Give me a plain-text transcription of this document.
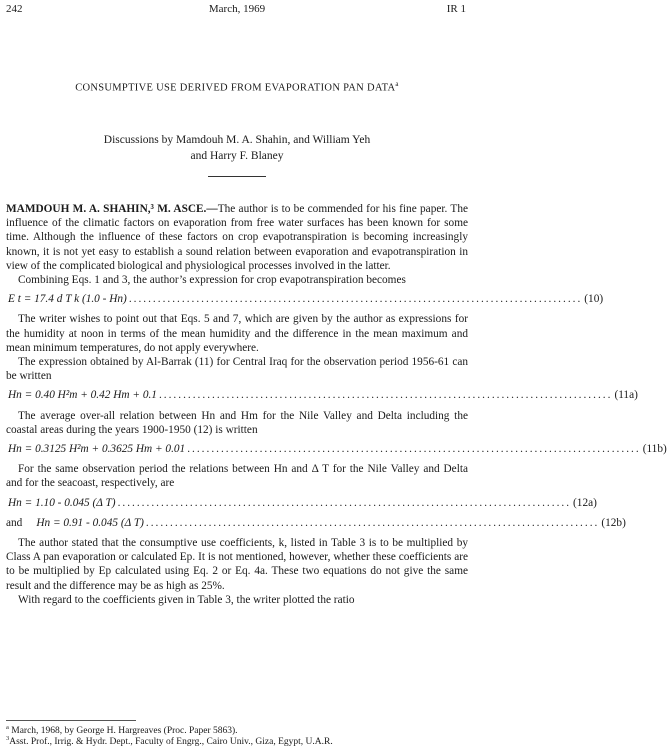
242	March, 1969	IR 1
CONSUMPTIVE USE DERIVED FROM EVAPORATION PAN DATA$^a$
Discussions by Mamdouh M. A. Shahin, and William Yeh
and Harry F. Blaney

MAMDOUH M. A. SHAHIN,³ M. ASCE.—The author is to be commended for his fine paper. The influence of the climatic factors on evaporation from free water surfaces has been known for some time. Although the influence of these factors on crop evapotranspiration is becoming increasingly known, it is not yet easy to establish a sound relation between evaporation and evapotranspiration in view of the complicated biological and physiological processes involved in the latter.

Combining Eqs. 1 and 3, the author’s expression for crop evapotranspiration becomes

E t = 17.4 d T k (1.0 - Hn) .............................................................................................. (10)

The writer wishes to point out that Eqs. 5 and 7, which are given by the author as expressions for the humidity at noon in terms of the mean humidity and the difference in the mean maximum and mean minimum temperatures, do not apply everywhere.

The expression obtained by Al-Barrak (11) for Central Iraq for the observation period 1956-61 can be written

Hn = 0.40 H²m + 0.42 Hm + 0.1 .............................................................................................. (11a)

The average over-all relation between Hn and Hm for the Nile Valley and Delta including the coastal areas during the years 1900-1950 (12) is written

Hn = 0.3125 H²m + 0.3625 Hm + 0.01 .............................................................................................. (11b)

For the same observation period the relations between Hn and Δ T for the Nile Valley and Delta and for the seacoast, respectively, are

Hn = 1.10 - 0.045 (Δ T) .............................................................................................. (12a)
and	Hn = 0.91 - 0.045 (Δ T) .............................................................................................. (12b)

The author stated that the consumptive use coefficients, k, listed in Table 3 is to be multiplied by Class A pan evaporation or calculated Ep. It is not mentioned, however, whether these coefficients are to be multiplied by Ep calculated using Eq. 2 or Eq. 4a. These two equations do not give the same result and the difference may be as high as 25%.

With regard to the coefficients given in Table 3, the writer plotted the ratio

$^a$ March, 1968, by George H. Hargreaves (Proc. Paper 5863).
$^3$Asst. Prof., Irrig. & Hydr. Dept., Faculty of Engrg., Cairo Univ., Giza, Egypt, U.A.R.
